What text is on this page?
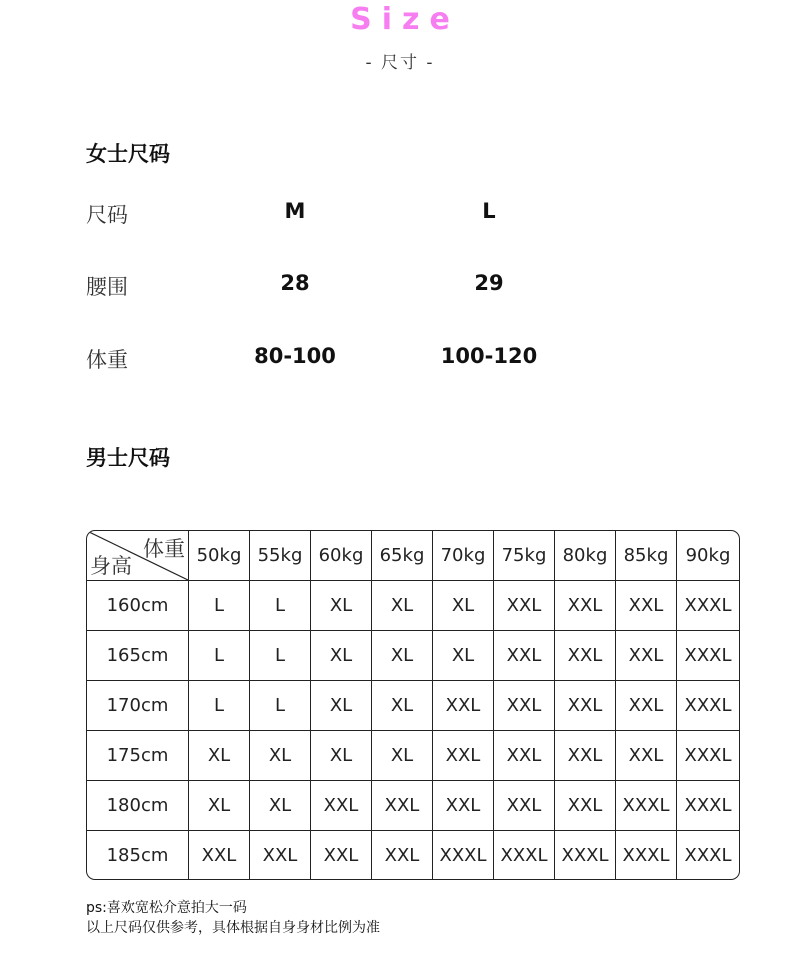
Size
- 尺寸 -
女士尺码
尺码	M	L
腰围	28	29
体重	80-100	100-120
男士尺码
体重
身高	50kg	55kg	60kg	65kg	70kg	75kg	80kg	85kg	90kg
160cm	L	L	XL	XL	XL	XXL	XXL	XXL	XXXL
165cm	L	L	XL	XL	XL	XXL	XXL	XXL	XXXL
170cm	L	L	XL	XL	XXL	XXL	XXL	XXL	XXXL
175cm	XL	XL	XL	XL	XXL	XXL	XXL	XXL	XXXL
180cm	XL	XL	XXL	XXL	XXL	XXL	XXL	XXXL	XXXL
185cm	XXL	XXL	XXL	XXL	XXXL	XXXL	XXXL	XXXL	XXXL
ps:喜欢宽松介意拍大一码
以上尺码仅供参考，具体根据自身身材比例为准
